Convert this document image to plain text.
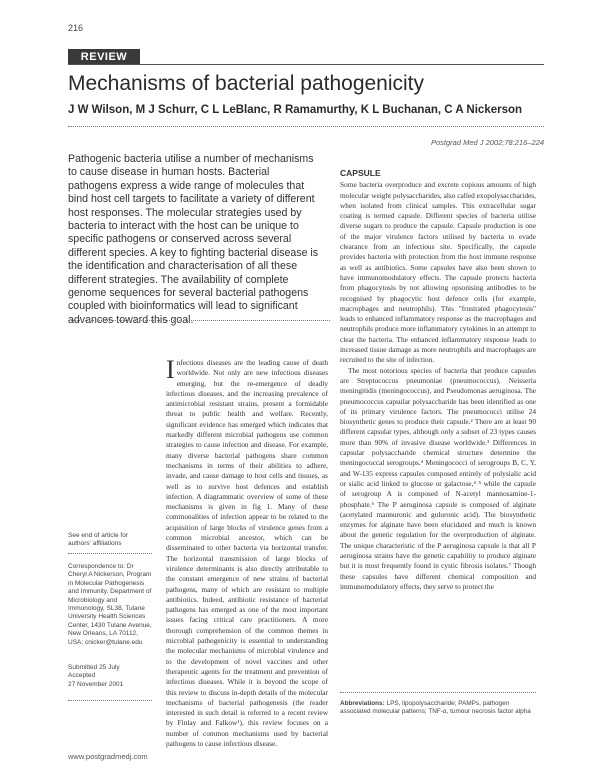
216
REVIEW
Mechanisms of bacterial pathogenicity
J W Wilson, M J Schurr, C L LeBlanc, R Ramamurthy, K L Buchanan, C A Nickerson
Postgrad Med J 2002;78:216–224
Pathogenic bacteria utilise a number of mechanisms to cause disease in human hosts. Bacterial pathogens express a wide range of molecules that bind host cell targets to facilitate a variety of different host responses. The molecular strategies used by bacteria to interact with the host can be unique to specific pathogens or conserved across several different species. A key to fighting bacterial disease is the identification and characterisation of all these different strategies. The availability of complete genome sequences for several bacterial pathogens coupled with bioinformatics will lead to significant advances toward this goal.
See end of article for authors' affiliations
Correspondence to: Dr Cheryl A Nickerson, Program in Molecular Pathogenesis and Immunity, Department of Microbiology and Immunology, SL38, Tulane University Health Sciences Center, 1430 Tulane Avenue, New Orleans, LA 70112, USA; cnicker@tulane.edu
Submitted 25 July
Accepted
27 November 2001
Infectious diseases are the leading cause of death worldwide. Not only are new infectious diseases emerging, but the re-emergence of deadly infectious diseases, and the increasing prevalence of antimicrobial resistant strains, present a formidable threat to public health and welfare. Recently, significant evidence has emerged which indicates that markedly different microbial pathogens use common strategies to cause infection and disease. For example, many diverse bacterial pathogens share common mechanisms in terms of their abilities to adhere, invade, and cause damage to host cells and tissues, as well as to survive host defences and establish infection. A diagrammatic overview of some of these mechanisms is given in fig 1. Many of these commonalities of infection appear to be related to the acquisition of large blocks of virulence genes from a common microbial ancestor, which can be disseminated to other bacteria via horizontal transfer. The horizontal transmission of large blocks of virulence determinants is also directly attributable to the constant emergence of new strains of bacterial pathogens, many of which are resistant to multiple antibiotics. Indeed, antibiotic resistance of bacterial pathogens has emerged as one of the most important issues facing critical care practitioners. A more thorough comprehension of the common themes in microbial pathogenicity is essential to understanding the molecular mechanisms of microbial virulence and to the development of novel vaccines and other therapeutic agents for the treatment and prevention of infectious diseases. While it is beyond the scope of this review to discuss in-depth details of the molecular mechanisms of bacterial pathogenesis (the reader interested in such detail is referred to a recent review by Finlay and Falkow¹), this review focuses on a number of common mechanisms used by bacterial pathogens to cause infectious disease.
CAPSULE

Some bacteria overproduce and excrete copious amounts of high molecular weight polysaccharides, also called exopolysaccharides, when isolated from clinical samples. This extracellular sugar coating is termed capsule. Different species of bacteria utilise diverse sugars to produce the capsule. Capsule production is one of the major virulence factors utilised by bacteria to evade clearance from an infectious site. Specifically, the capsule provides bacteria with protection from the host immune response as well as antibiotics. Some capsules have also been shown to have immunomodulatory effects. The capsule protects bacteria from phagocytosis by not allowing opsonising antibodies to be recognised by phagocytic host defence cells (for example, macrophages and neutrophils). This "frustrated phagocytosis" leads to enhanced inflammatory response as the macrophages and neutrophils produce more inflammatory cytokines in an attempt to clear the bacteria. The enhanced inflammatory response leads to increased tissue damage as more neutrophils and macrophages are recruited to the site of infection.

The most notorious species of bacteria that produce capsules are Streptococcus pneumoniae (pneumococcus), Neisseria meningitidis (meningococcus), and Pseudomonas aeruginosa. The pneumococcus capsular polysaccharide has been identified as one of its primary virulence factors. The pneumococci utilise 24 biosynthetic genes to produce their capsule.² There are at least 90 different capsular types, although only a subset of 23 types causes more than 90% of invasive disease worldwide.³ Differences in capsular polysaccharide chemical structure determine the meningococcal serogroups.⁴ Meningococci of serogroups B, C, Y, and W-135 express capsules composed entirely of polysialic acid or sialic acid linked to glucose or galactose,⁴ ⁵ while the capsule of serogroup A is composed of N-acetyl mannosamine-1-phosphate.⁶ The P aeruginosa capsule is composed of alginate (acetylated mannuronic and guluronic acid). The biosynthetic enzymes for alginate have been elucidated and much is known about the genetic regulation for the overproduction of alginate. The unique characteristic of the P aeruginosa capsule is that all P aeruginosa strains have the genetic capability to produce alginate but it is most frequently found in cystic fibrosis isolates.⁷ Though these capsules have different chemical composition and immunomodulatory effects, they serve to protect the

Abbreviations: LPS, lipopolysaccharide; PAMPs, pathogen associated molecular patterns; TNF-α, tumour necrosis factor alpha
www.postgradmedj.com
